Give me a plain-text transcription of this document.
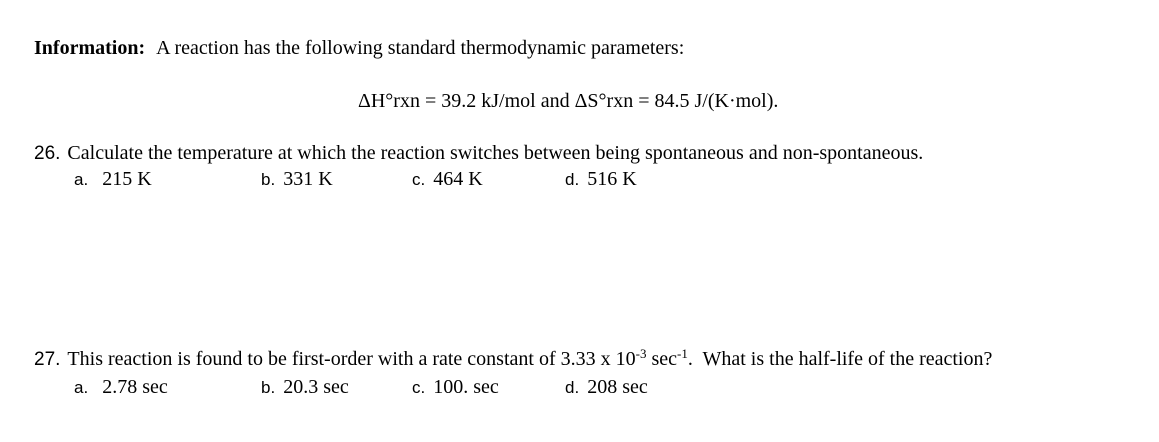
Information: A reaction has the following standard thermodynamic parameters:
ΔH°rxn = 39.2 kJ/mol and ΔS°rxn = 84.5 J/(K·mol).
26. Calculate the temperature at which the reaction switches between being spontaneous and non-spontaneous.
a. 215 K	b. 331 K	c. 464 K	d. 516 K
27. This reaction is found to be first-order with a rate constant of 3.33 x $10^{-3}$ $\sec^{-1}$.  What is the half-life of the reaction?
a. 2.78 sec	b. 20.3 sec	c. 100. sec	d. 208 sec
